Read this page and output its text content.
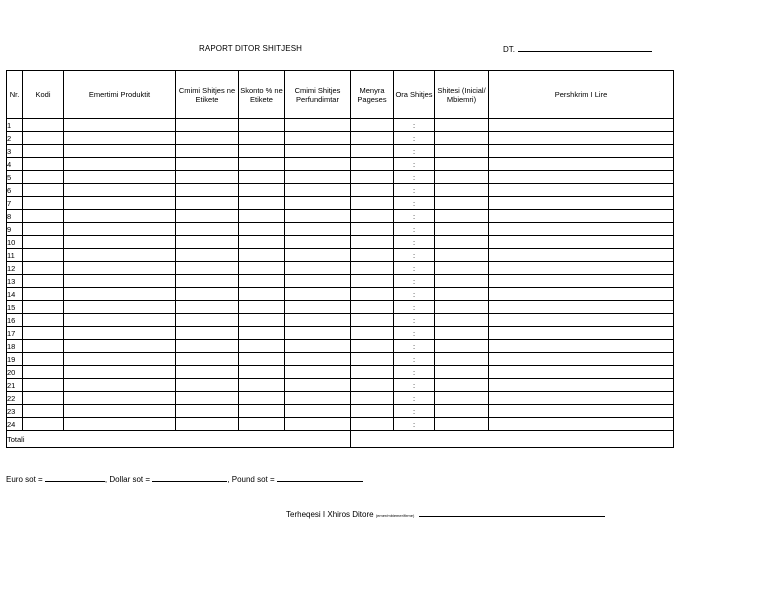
RAPORT DITOR SHITJESH	DT.
Nr.	Kodi	Emertimi Produktit	Cmimi Shitjes ne Etikete	Skonto % ne Etikete	Cmimi Shitjes Perfundimtar	Menyra Pageses	Ora Shitjes	Shitesi (Inicial/ Mbiemri)	Pershkrim I Lire
1							:		
2							:		
3							:		
4							:		
5							:		
6							:		
7							:		
8							:		
9							:		
10							:		
11							:		
12							:		
13							:		
14							:		
15							:		
16							:		
17							:		
18							:		
19							:		
20							:		
21							:		
22							:		
23							:		
24							:		
Totali									
Euro sot =	, Dollar sot =	, Pound sot =
Terheqesi I Xhiros Ditore (emer/mbiemer/firme)
